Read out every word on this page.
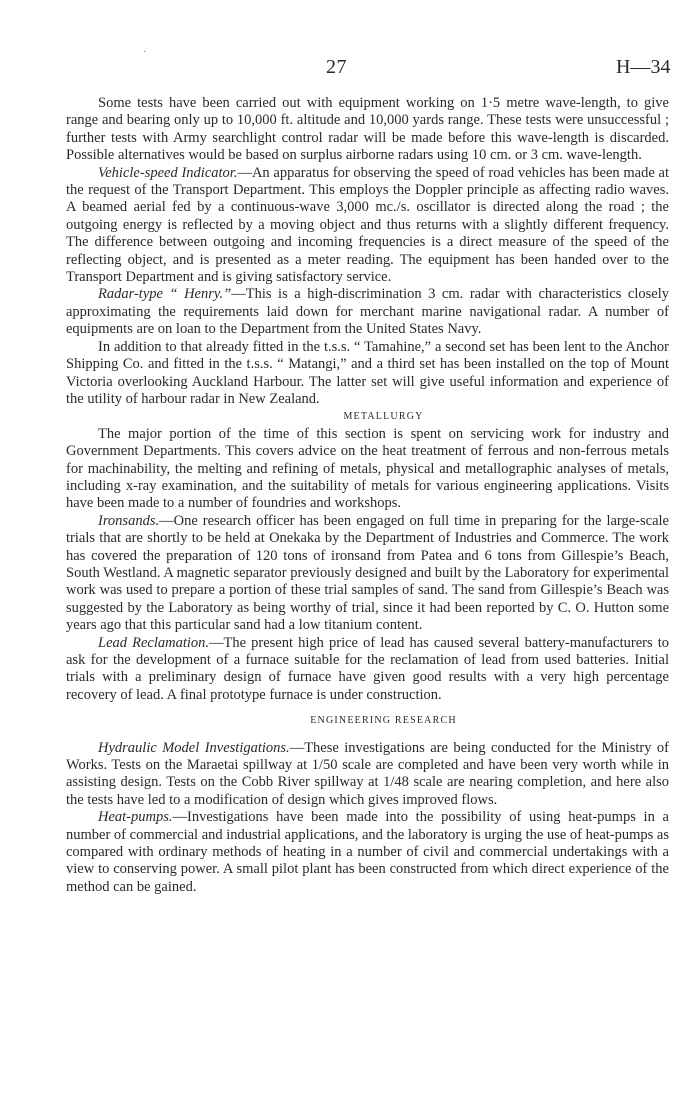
·
27	H—34

Some tests have been carried out with equipment working on 1·5 metre wave-length, to give range and bearing only up to 10,000 ft. altitude and 10,000 yards range. These tests were unsuccessful ; further tests with Army searchlight control radar will be made before this wave-length is discarded. Possible alternatives would be based on surplus airborne radars using 10 cm. or 3 cm. wave-length.

Vehicle-speed Indicator.—An apparatus for observing the speed of road vehicles has been made at the request of the Transport Department. This employs the Doppler principle as affecting radio waves. A beamed aerial fed by a continuous-wave 3,000 mc./s. oscillator is directed along the road ; the outgoing energy is reflected by a moving object and thus returns with a slightly different frequency. The difference between outgoing and incoming frequencies is a direct measure of the speed of the reflecting object, and is presented as a meter reading. The equipment has been handed over to the Transport Department and is giving satisfactory service.

Radar-type “ Henry.”—This is a high-discrimination 3 cm. radar with characteristics closely approximating the requirements laid down for merchant marine navigational radar. A number of equipments are on loan to the Department from the United States Navy.

In addition to that already fitted in the t.s.s. “ Tamahine,” a second set has been lent to the Anchor Shipping Co. and fitted in the t.s.s. “ Matangi,” and a third set has been installed on the top of Mount Victoria overlooking Auckland Harbour. The latter set will give useful information and experience of the utility of harbour radar in New Zealand.

METALLURGY

The major portion of the time of this section is spent on servicing work for industry and Government Departments. This covers advice on the heat treatment of ferrous and non-ferrous metals for machinability, the melting and refining of metals, physical and metallographic analyses of metals, including x-ray examination, and the suitability of metals for various engineering applications. Visits have been made to a number of foundries and workshops.

Ironsands.—One research officer has been engaged on full time in preparing for the large-scale trials that are shortly to be held at Onekaka by the Department of Industries and Commerce. The work has covered the preparation of 120 tons of ironsand from Patea and 6 tons from Gillespie’s Beach, South Westland. A magnetic separator previously designed and built by the Laboratory for experimental work was used to prepare a portion of these trial samples of sand. The sand from Gillespie’s Beach was suggested by the Laboratory as being worthy of trial, since it had been reported by C. O. Hutton some years ago that this particular sand had a low titanium content.

Lead Reclamation.—The present high price of lead has caused several battery-manufacturers to ask for the development of a furnace suitable for the reclamation of lead from used batteries. Initial trials with a preliminary design of furnace have given good results with a very high percentage recovery of lead. A final prototype furnace is under construction.

ENGINEERING RESEARCH

Hydraulic Model Investigations.—These investigations are being conducted for the Ministry of Works. Tests on the Maraetai spillway at 1/50 scale are completed and have been very worth while in assisting design. Tests on the Cobb River spillway at 1/48 scale are nearing completion, and here also the tests have led to a modification of design which gives improved flows.

Heat-pumps.—Investigations have been made into the possibility of using heat-pumps in a number of commercial and industrial applications, and the laboratory is urging the use of heat-pumps as compared with ordinary methods of heating in a number of civil and commercial undertakings with a view to conserving power. A small pilot plant has been constructed from which direct experience of the method can be gained.
